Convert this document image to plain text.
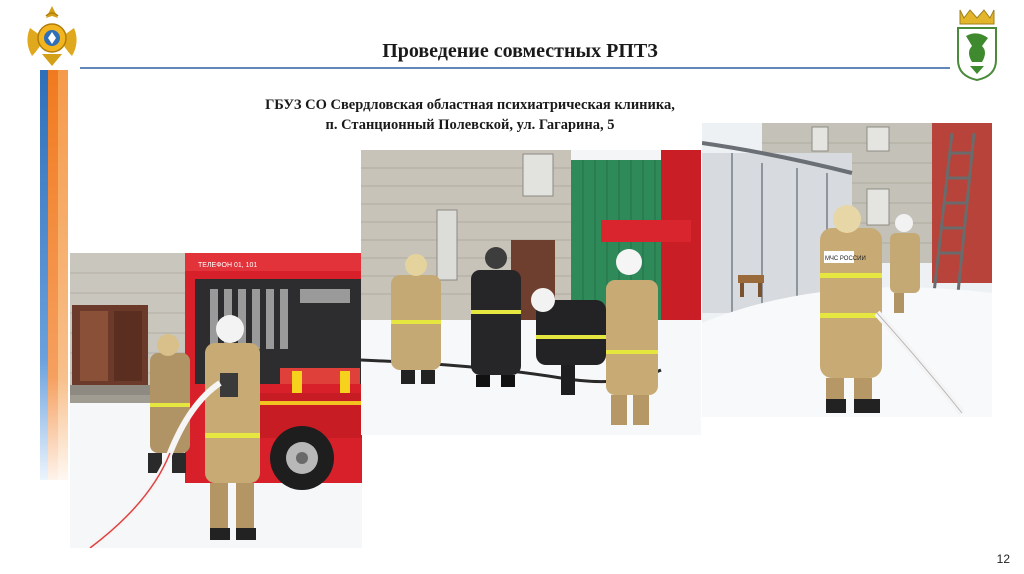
Проведение совместных РПТЗ
ГБУЗ СО Свердловская областная психиатрическая клиника,
п. Станционный Полевской, ул. Гагарина, 5
ТЕЛЕФОН 01, 101
МЧС РОССИИ
12
